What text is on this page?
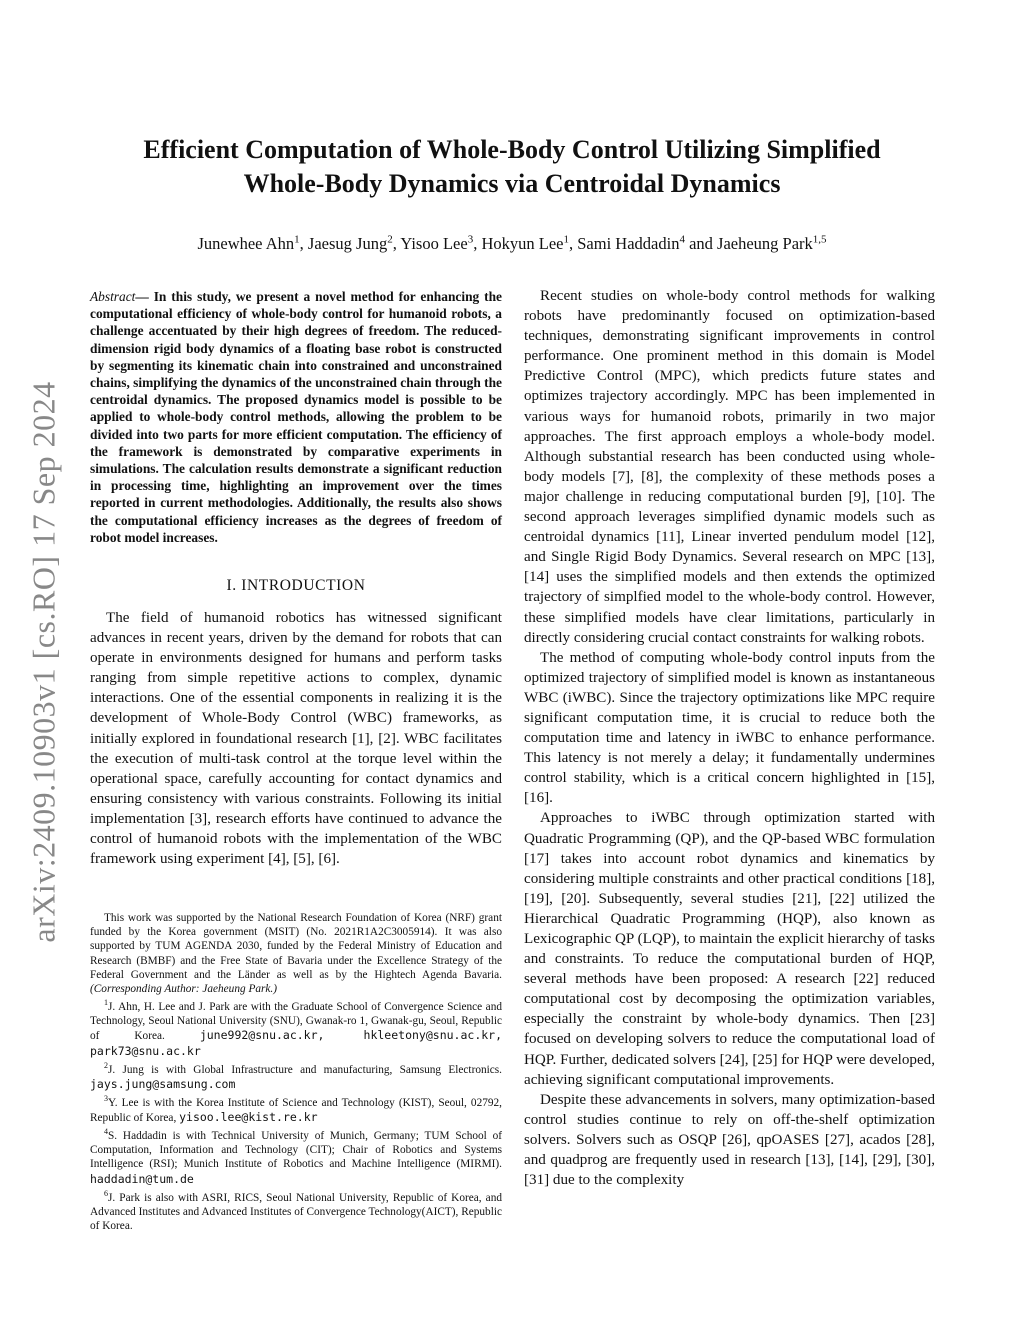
arXiv:2409.10903v1 [cs.RO] 17 Sep 2024
Efficient Computation of Whole-Body Control Utilizing Simplified
Whole-Body Dynamics via Centroidal Dynamics
Junewhee Ahn$^1$, Jaesug Jung$^2$, Yisoo Lee$^3$, Hokyun Lee$^1$, Sami Haddadin$^4$ and Jaeheung Park$^{1,5}$
Abstract— In this study, we present a novel method for enhancing the computational efficiency of whole-body control for humanoid robots, a challenge accentuated by their high degrees of freedom. The reduced-dimension rigid body dynamics of a floating base robot is constructed by segmenting its kinematic chain into constrained and unconstrained chains, simplifying the dynamics of the unconstrained chain through the centroidal dynamics. The proposed dynamics model is possible to be applied to whole-body control methods, allowing the problem to be divided into two parts for more efficient computation. The efficiency of the framework is demonstrated by comparative experiments in simulations. The calculation results demonstrate a significant reduction in processing time, highlighting an improvement over the times reported in current methodologies. Additionally, the results also shows the computational efficiency increases as the degrees of freedom of robot model increases.
I. INTRODUCTION

The field of humanoid robotics has witnessed significant advances in recent years, driven by the demand for robots that can operate in environments designed for humans and perform tasks ranging from simple repetitive actions to complex, dynamic interactions. One of the essential components in realizing it is the development of Whole-Body Control (WBC) frameworks, as initially explored in foundational research [1], [2]. WBC facilitates the execution of multi-task control at the torque level within the operational space, carefully accounting for contact dynamics and ensuring consistency with various constraints. Following its initial implementation [3], research efforts have continued to advance the control of humanoid robots with the implementation of the WBC framework using experiment [4], [5], [6].

This work was supported by the National Research Foundation of Korea (NRF) grant funded by the Korea government (MSIT) (No. 2021R1A2C3005914). It was also supported by TUM AGENDA 2030, funded by the Federal Ministry of Education and Research (BMBF) and the Free State of Bavaria under the Excellence Strategy of the Federal Government and the Länder as well as by the Hightech Agenda Bavaria. (Corresponding Author: Jaeheung Park.)

$^1$J. Ahn, H. Lee and J. Park are with the Graduate School of Convergence Science and Technology, Seoul National University (SNU), Gwanak-ro 1, Gwanak-gu, Seoul, Republic of Korea.	june992@snu.ac.kr, hkleetony@snu.ac.kr, park73@snu.ac.kr

$^2$J. Jung is with Global Infrastructure and manufacturing, Samsung Electronics. jays.jung@samsung.com

$^3$Y. Lee is with the Korea Institute of Science and Technology (KIST), Seoul, 02792, Republic of Korea, yisoo.lee@kist.re.kr

$^4$S. Haddadin is with Technical University of Munich, Germany; TUM School of Computation, Information and Technology (CIT); Chair of Robotics and Systems Intelligence (RSI); Munich Institute of Robotics and Machine Intelligence (MIRMI). haddadin@tum.de

$^6$J. Park is also with ASRI, RICS, Seoul National University, Republic of Korea, and Advanced Institutes and Advanced Institutes of Convergence Technology(AICT), Republic of Korea.

Recent studies on whole-body control methods for walking robots have predominantly focused on optimization-based techniques, demonstrating significant improvements in control performance. One prominent method in this domain is Model Predictive Control (MPC), which predicts future states and optimizes trajectory accordingly. MPC has been implemented in various ways for humanoid robots, primarily in two major approaches. The first approach employs a whole-body model. Although substantial research has been conducted using whole-body models [7], [8], the complexity of these methods poses a major challenge in reducing computational burden [9], [10]. The second approach leverages simplified dynamic models such as centroidal dynamics [11], Linear inverted pendulum model [12], and Single Rigid Body Dynamics. Several research on MPC [13], [14] uses the simplified models and then extends the optimized trajectory of simplfied model to the whole-body control. However, these simplified models have clear limitations, particularly in directly considering crucial contact constraints for walking robots.

The method of computing whole-body control inputs from the optimized trajectory of simplified model is known as instantaneous WBC (iWBC). Since the trajectory optimizations like MPC require significant computation time, it is crucial to reduce both the computation time and latency in iWBC to enhance performance. This latency is not merely a delay; it fundamentally undermines control stability, which is a critical concern highlighted in [15], [16].

Approaches to iWBC through optimization started with Quadratic Programming (QP), and the QP-based WBC formulation [17] takes into account robot dynamics and kinematics by considering multiple constraints and other practical conditions [18], [19], [20]. Subsequently, several studies [21], [22] utilized the Hierarchical Quadratic Programming (HQP), also known as Lexicographic QP (LQP), to maintain the explicit hierarchy of tasks and constraints. To reduce the computational burden of HQP, several methods have been proposed: A research [22] reduced computational cost by decomposing the optimization variables, especially the constraint by whole-body dynamics. Then [23] focused on developing solvers to reduce the computational load of HQP. Further, dedicated solvers [24], [25] for HQP were developed, achieving significant computational improvements.

Despite these advancements in solvers, many optimization-based control studies continue to rely on off-the-shelf optimization solvers. Solvers such as OSQP [26], qpOASES [27], acados [28], and quadprog are frequently used in research [13], [14], [29], [30], [31] due to the complexity
